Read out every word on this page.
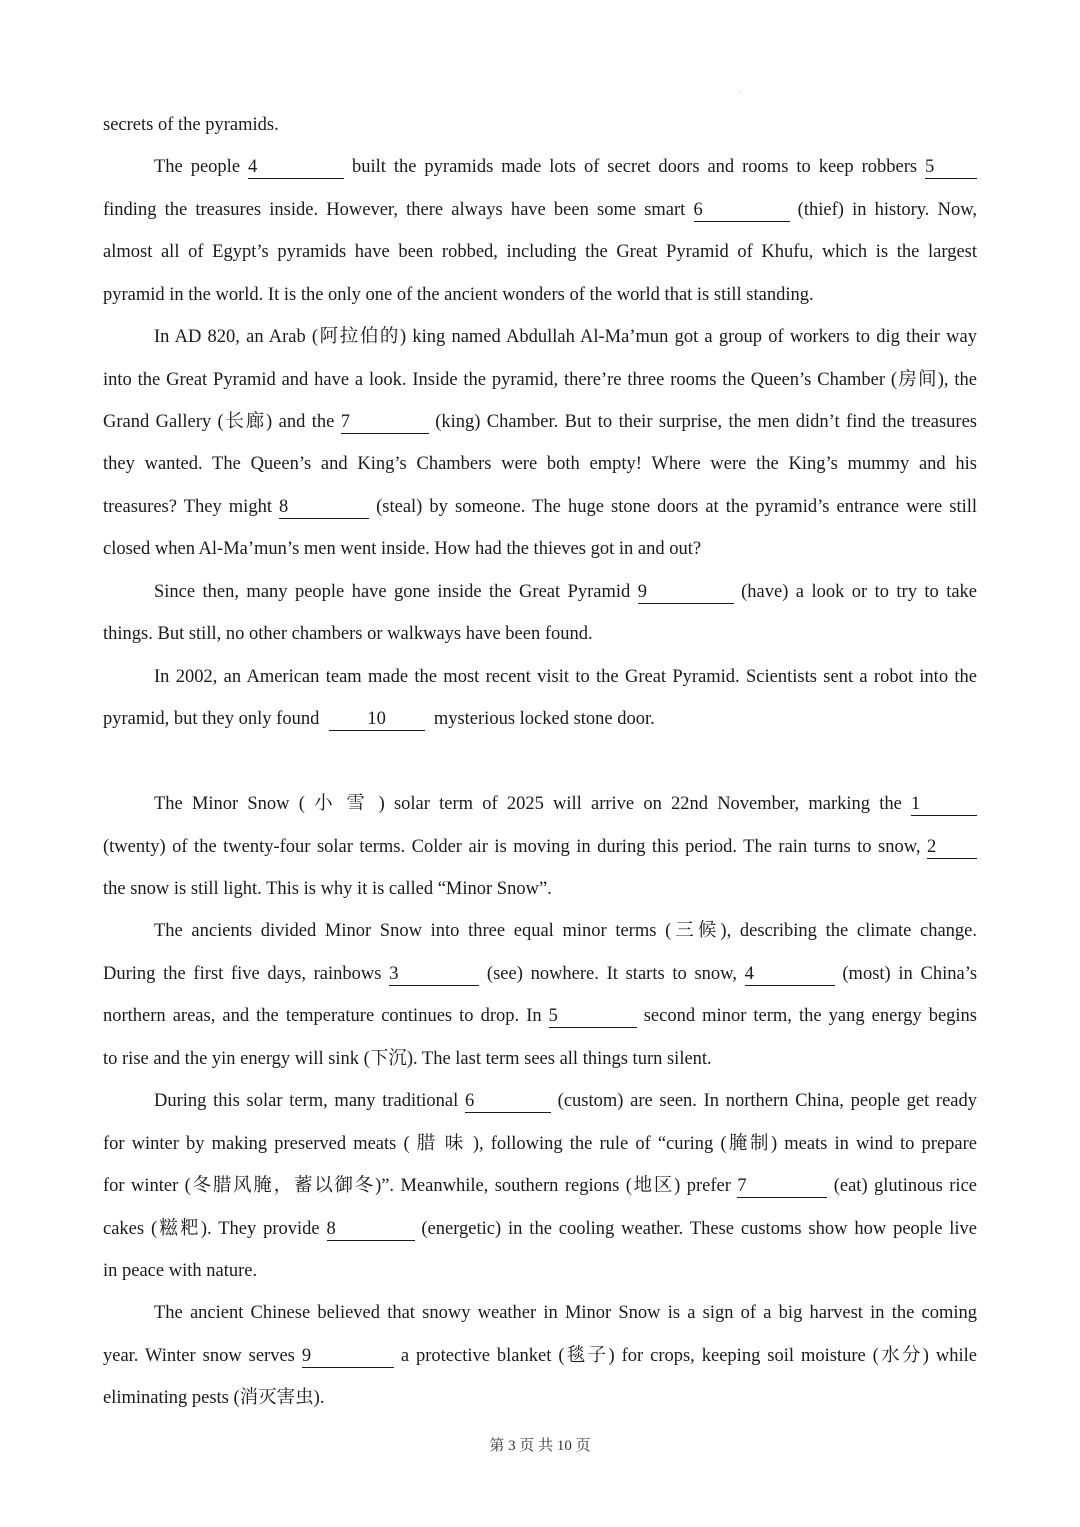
secrets of the pyramids.
The people 4	built the pyramids made lots of secret doors and rooms to keep robbers 5
finding the treasures inside. However, there always have been some smart 6	(thief) in history. Now,
almost all of Egypt’s pyramids have been robbed, including the Great Pyramid of Khufu, which is the largest
pyramid in the world. It is the only one of the ancient wonders of the world that is still standing.
In AD 820, an Arab (阿拉伯的) king named Abdullah Al-Ma’mun got a group of workers to dig their way
into the Great Pyramid and have a look. Inside the pyramid, there’re three rooms the Queen’s Chamber (房间), the
Grand Gallery (长廊) and the 7	(king) Chamber. But to their surprise, the men didn’t find the treasures
they wanted. The Queen’s and King’s Chambers were both empty! Where were the King’s mummy and his
treasures? They might 8	(steal) by someone. The huge stone doors at the pyramid’s entrance were still
closed when Al-Ma’mun’s men went inside. How had the thieves got in and out?
Since then, many people have gone inside the Great Pyramid 9	(have) a look or to try to take
things. But still, no other chambers or walkways have been found.
In 2002, an American team made the most recent visit to the Great Pyramid. Scientists sent a robot into the
pyramid, but they only found	10	mysterious locked stone door.
The Minor Snow ( 小 雪 ) solar term of 2025 will arrive on 22nd November, marking the 1
(twenty) of the twenty-four solar terms. Colder air is moving in during this period. The rain turns to snow, 2
the snow is still light. This is why it is called “Minor Snow”.
The ancients divided Minor Snow into three equal minor terms (三候), describing the climate change.
During the first five days, rainbows 3	(see) nowhere. It starts to snow, 4	(most) in China’s
northern areas, and the temperature continues to drop. In 5	second minor term, the yang energy begins
to rise and the yin energy will sink (下沉). The last term sees all things turn silent.
During this solar term, many traditional 6	(custom) are seen. In northern China, people get ready
for winter by making preserved meats ( 腊 味 ), following the rule of “curing (腌制) meats in wind to prepare
for winter (冬腊风腌，蓄以御冬)”. Meanwhile, southern regions (地区) prefer 7	(eat) glutinous rice
cakes (糍粑). They provide 8	(energetic) in the cooling weather. These customs show how people live
in peace with nature.
The ancient Chinese believed that snowy weather in Minor Snow is a sign of a big harvest in the coming
year. Winter snow serves 9	a protective blanket (毯子) for crops, keeping soil moisture (水分) while
eliminating pests (消灭害虫).
第 3 页 共 10 页
